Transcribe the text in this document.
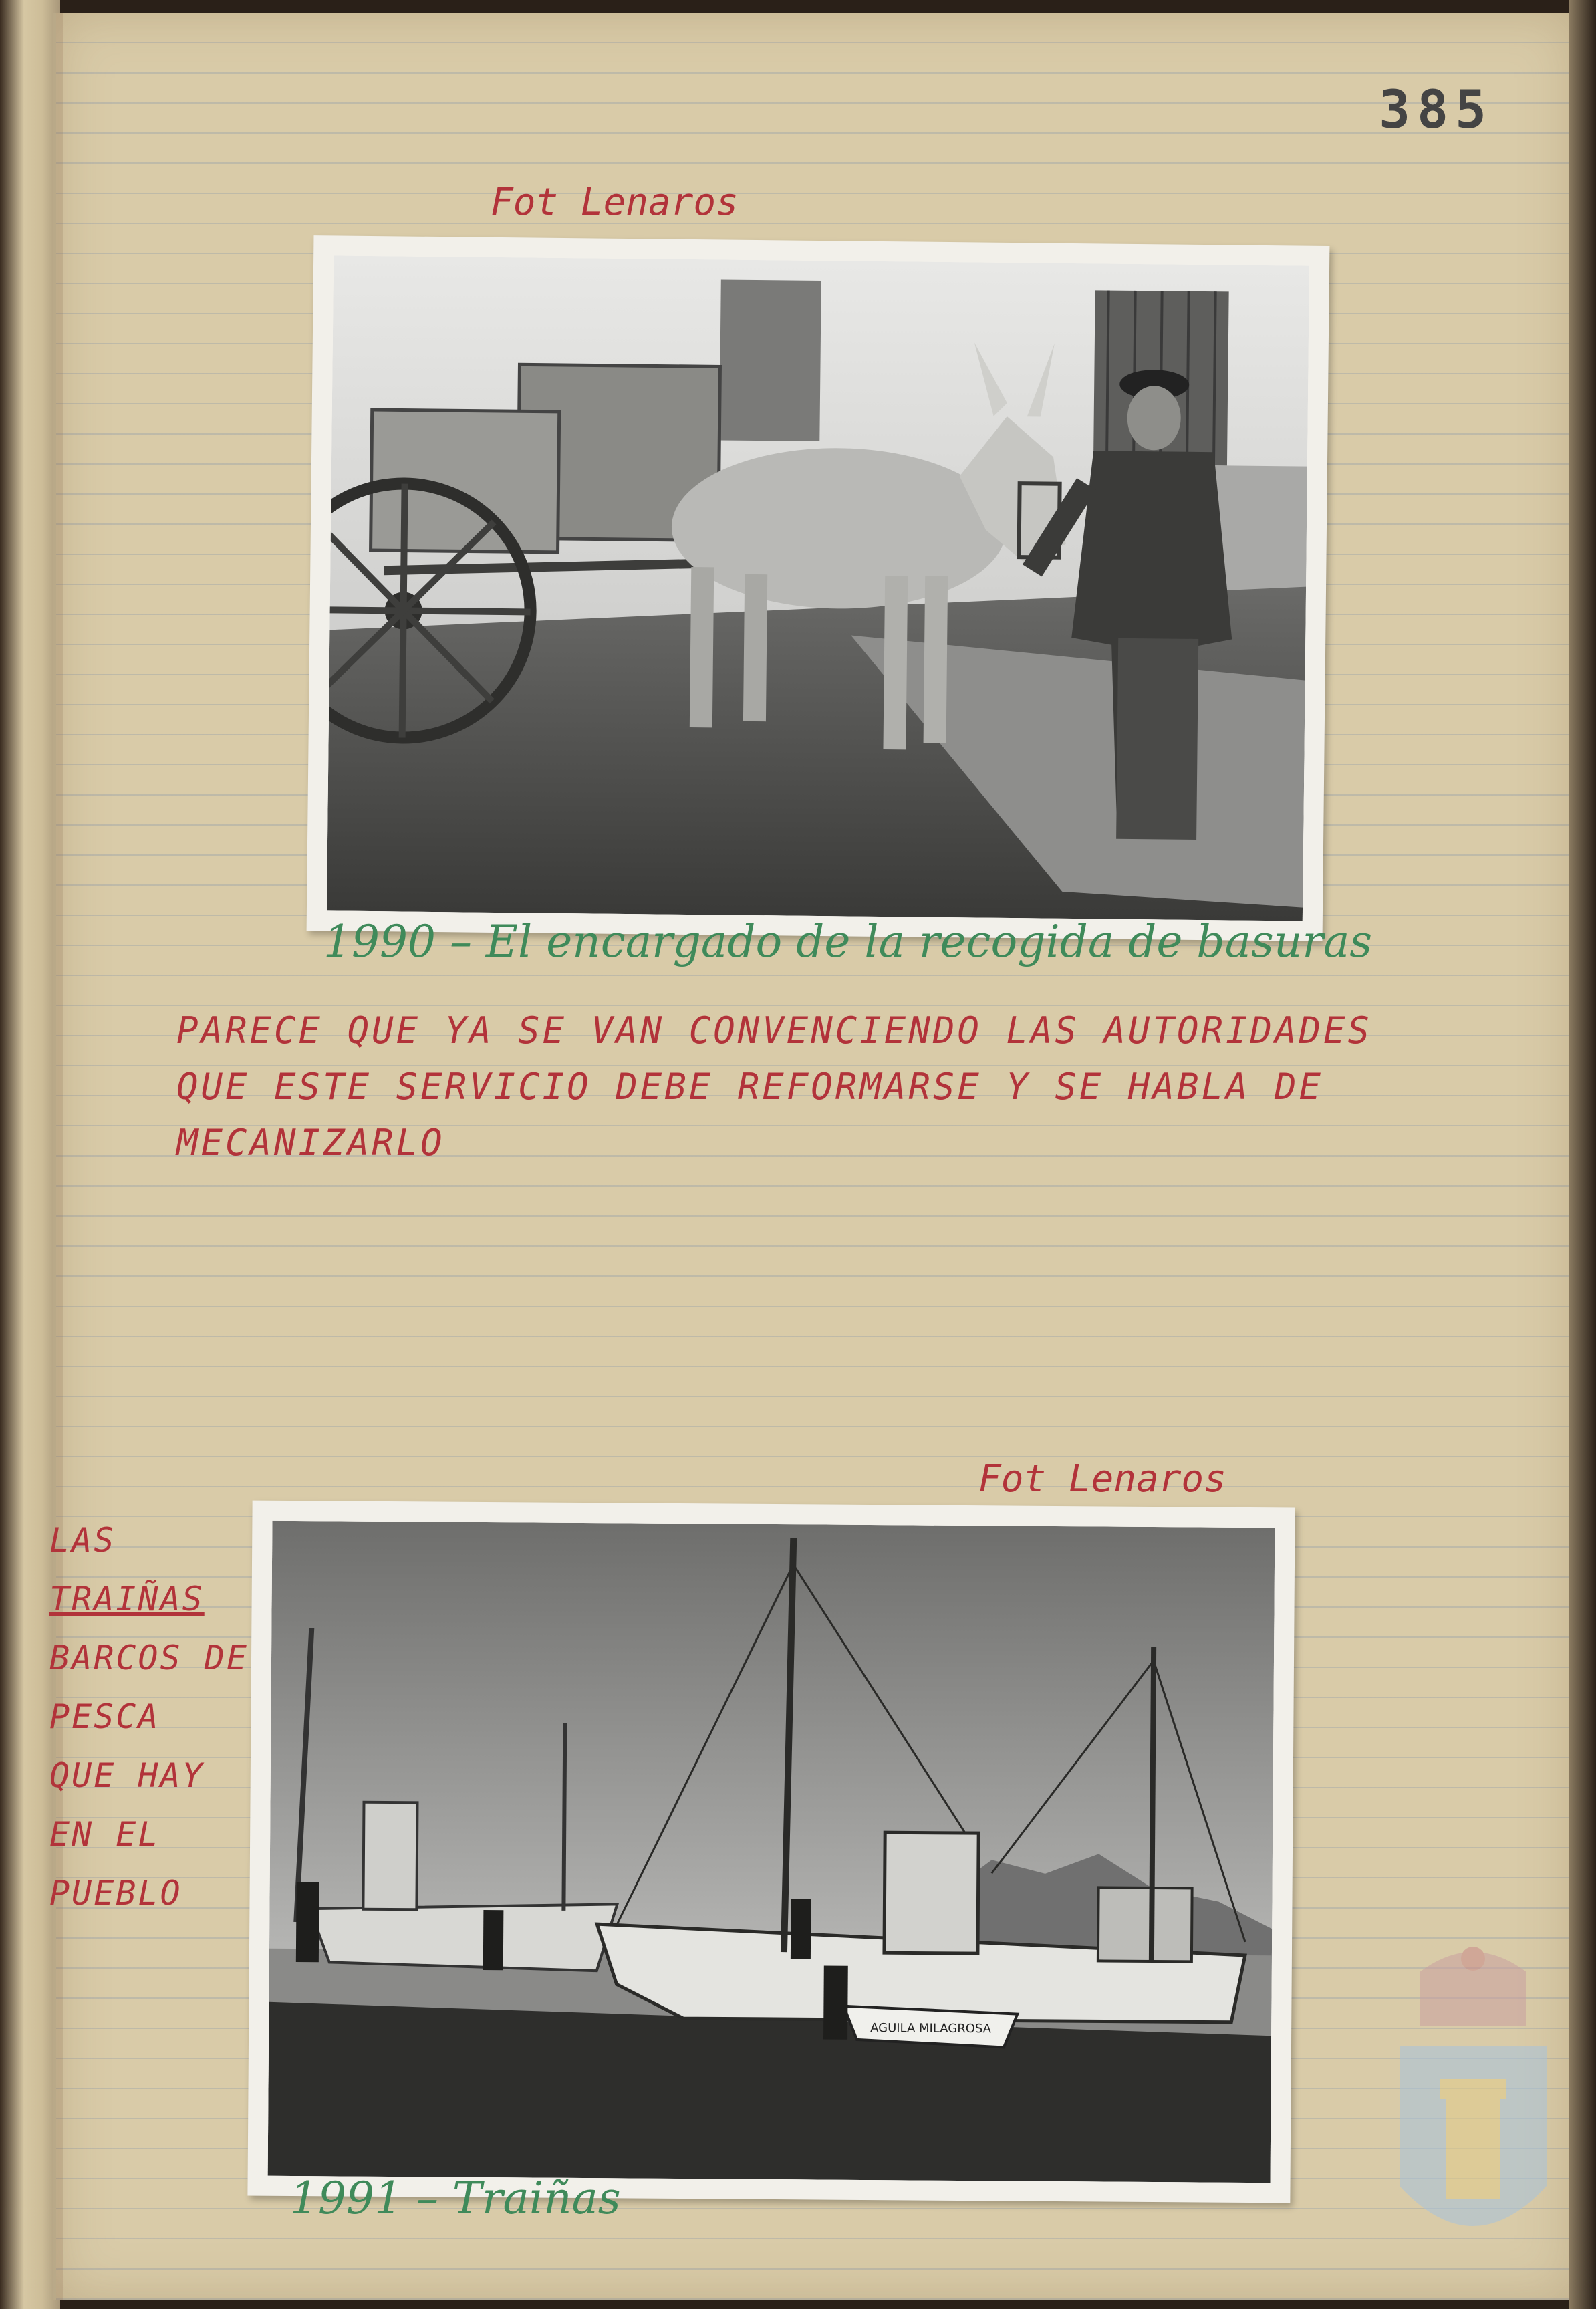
385
Fot Lenaros
1990 – El encargado de la recogida de basuras
PARECE QUE YA SE VAN CONVENCIENDO LAS AUTORIDADES
QUE ESTE SERVICIO DEBE REFORMARSE Y SE HABLA DE
MECANIZARLO
Fot Lenaros
LAS
TRAIÑAS
BARCOS DE
PESCA
QUE HAY
EN EL
PUEBLO
AGUILA MILAGROSA
1991 – Traiñas
